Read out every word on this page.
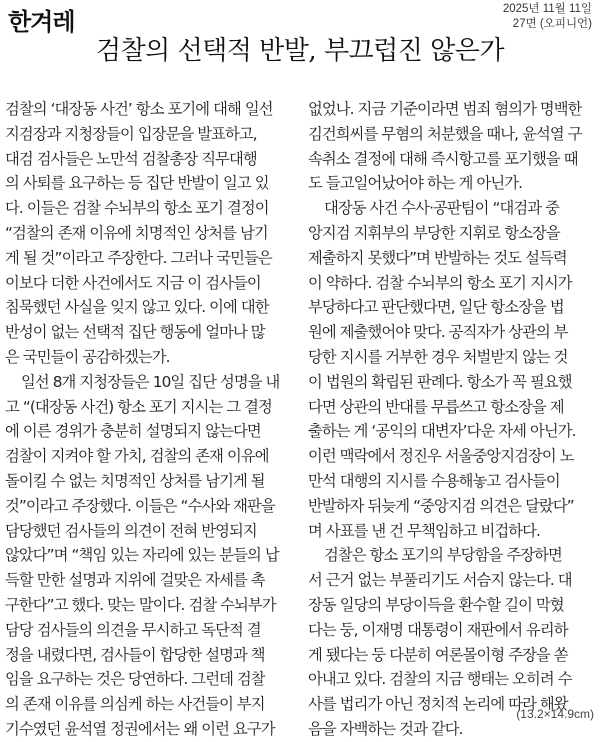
한겨레	2025년 11월 11일
27면 (오피니언)
검찰의 선택적 반발, 부끄럽진 않은가
검찰의 ‘대장동 사건’ 항소 포기에 대해 일선
지검장과 지청장들이 입장문을 발표하고,
대검 검사들은 노만석 검찰총장 직무대행
의 사퇴를 요구하는 등 집단 반발이 일고 있
다. 이들은 검찰 수뇌부의 항소 포기 결정이
“검찰의 존재 이유에 치명적인 상처를 남기
게 될 것”이라고 주장한다. 그러나 국민들은
이보다 더한 사건에서도 지금 이 검사들이
침묵했던 사실을 잊지 않고 있다. 이에 대한
반성이 없는 선택적 집단 행동에 얼마나 많
은 국민들이 공감하겠는가.
일선 8개 지청장들은 10일 집단 성명을 내
고 “(대장동 사건) 항소 포기 지시는 그 결정
에 이른 경위가 충분히 설명되지 않는다면
검찰이 지켜야 할 가치, 검찰의 존재 이유에
돌이킬 수 없는 치명적인 상처를 남기게 될
것”이라고 주장했다. 이들은 “수사와 재판을
담당했던 검사들의 의견이 전혀 반영되지
않았다”며 “책임 있는 자리에 있는 분들의 납
득할 만한 설명과 지위에 걸맞은 자세를 촉
구한다”고 했다. 맞는 말이다. 검찰 수뇌부가
담당 검사들의 의견을 무시하고 독단적 결
정을 내렸다면, 검사들이 합당한 설명과 책
임을 요구하는 것은 당연하다. 그런데 검찰
의 존재 이유를 의심케 하는 사건들이 부지
기수였던 윤석열 정권에서는 왜 이런 요구가
없었나. 지금 기준이라면 범죄 혐의가 명백한
김건희씨를 무혐의 처분했을 때나, 윤석열 구
속취소 결정에 대해 즉시항고를 포기했을 때
도 들고일어났어야 하는 게 아닌가.
대장동 사건 수사·공판팀이 “대검과 중
앙지검 지휘부의 부당한 지휘로 항소장을
제출하지 못했다”며 반발하는 것도 설득력
이 약하다. 검찰 수뇌부의 항소 포기 지시가
부당하다고 판단했다면, 일단 항소장을 법
원에 제출했어야 맞다. 공직자가 상관의 부
당한 지시를 거부한 경우 처벌받지 않는 것
이 법원의 확립된 판례다. 항소가 꼭 필요했
다면 상관의 반대를 무릅쓰고 항소장을 제
출하는 게 ‘공익의 대변자’다운 자세 아닌가.
이런 맥락에서 정진우 서울중앙지검장이 노
만석 대행의 지시를 수용해놓고 검사들이
반발하자 뒤늦게 “중앙지검 의견은 달랐다”
며 사표를 낸 건 무책임하고 비겁하다.
검찰은 항소 포기의 부당함을 주장하면
서 근거 없는 부풀리기도 서슴지 않는다. 대
장동 일당의 부당이득을 환수할 길이 막혔
다는 둥, 이재명 대통령이 재판에서 유리하
게 됐다는 둥 다분히 여론몰이형 주장을 쏟
아내고 있다. 검찰의 지금 행태는 오히려 수
사를 법리가 아닌 정치적 논리에 따라 해왔
음을 자백하는 것과 같다.
(13.2×14.9cm)
